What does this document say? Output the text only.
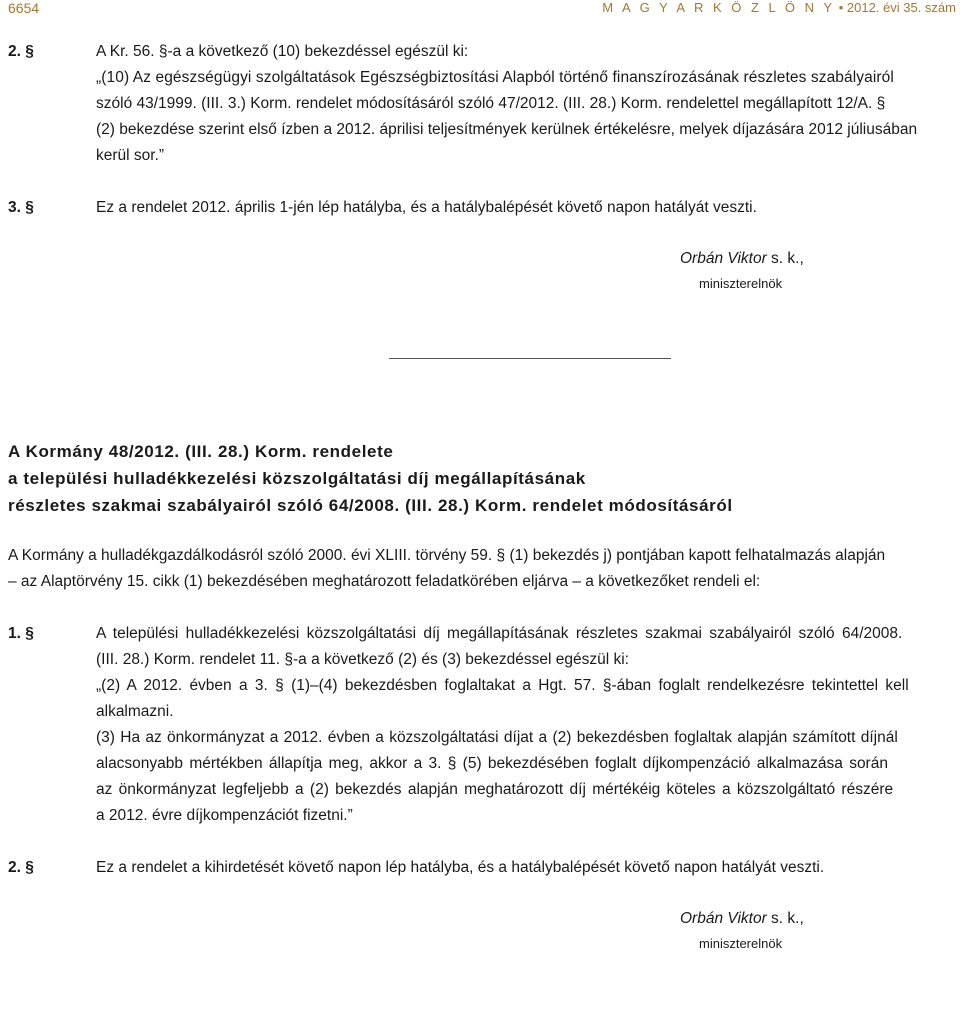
6654	M A G Y A R K Ö Z L Ö N Y • 2012. évi 35. szám
2. §	A Kr. 56. §-a a következő (10) bekezdéssel egészül ki:
„(10) Az egészségügyi szolgáltatások Egészségbiztosítási Alapból történő finanszírozásának részletes szabályairól
szóló 43/1999. (III. 3.) Korm. rendelet módosításáról szóló 47/2012. (III. 28.) Korm. rendelettel megállapított 12/A. §
(2) bekezdése szerint első ízben a 2012. áprilisi teljesítmények kerülnek értékelésre, melyek díjazására 2012 júliusában
kerül sor.”
3. §	Ez a rendelet 2012. április 1-jén lép hatályba, és a hatálybalépését követő napon hatályát veszti.
Orbán Viktor s. k.,
miniszterelnök
A Kormány 48/2012. (III. 28.) Korm. rendelete
a települési hulladékkezelési közszolgáltatási díj megállapításának
részletes szakmai szabályairól szóló 64/2008. (III. 28.) Korm. rendelet módosításáról
A Kormány a hulladékgazdálkodásról szóló 2000. évi XLIII. törvény 59. § (1) bekezdés j) pontjában kapott felhatalmazás alapján
– az Alaptörvény 15. cikk (1) bekezdésében meghatározott feladatkörében eljárva – a következőket rendeli el:
1. §	A települési hulladékkezelési közszolgáltatási díj megállapításának részletes szakmai szabályairól szóló 64/2008.
(III. 28.) Korm. rendelet 11. §-a a következő (2) és (3) bekezdéssel egészül ki:
„(2) A 2012. évben a 3. § (1)–(4) bekezdésben foglaltakat a Hgt. 57. §-ában foglalt rendelkezésre tekintettel kell
alkalmazni.
(3) Ha az önkormányzat a 2012. évben a közszolgáltatási díjat a (2) bekezdésben foglaltak alapján számított díjnál
alacsonyabb mértékben állapítja meg, akkor a 3. § (5) bekezdésében foglalt díjkompenzáció alkalmazása során
az önkormányzat legfeljebb a (2) bekezdés alapján meghatározott díj mértékéig köteles a közszolgáltató részére
a 2012. évre díjkompenzációt fizetni.”
2. §	Ez a rendelet a kihirdetését követő napon lép hatályba, és a hatálybalépését követő napon hatályát veszti.
Orbán Viktor s. k.,
miniszterelnök
